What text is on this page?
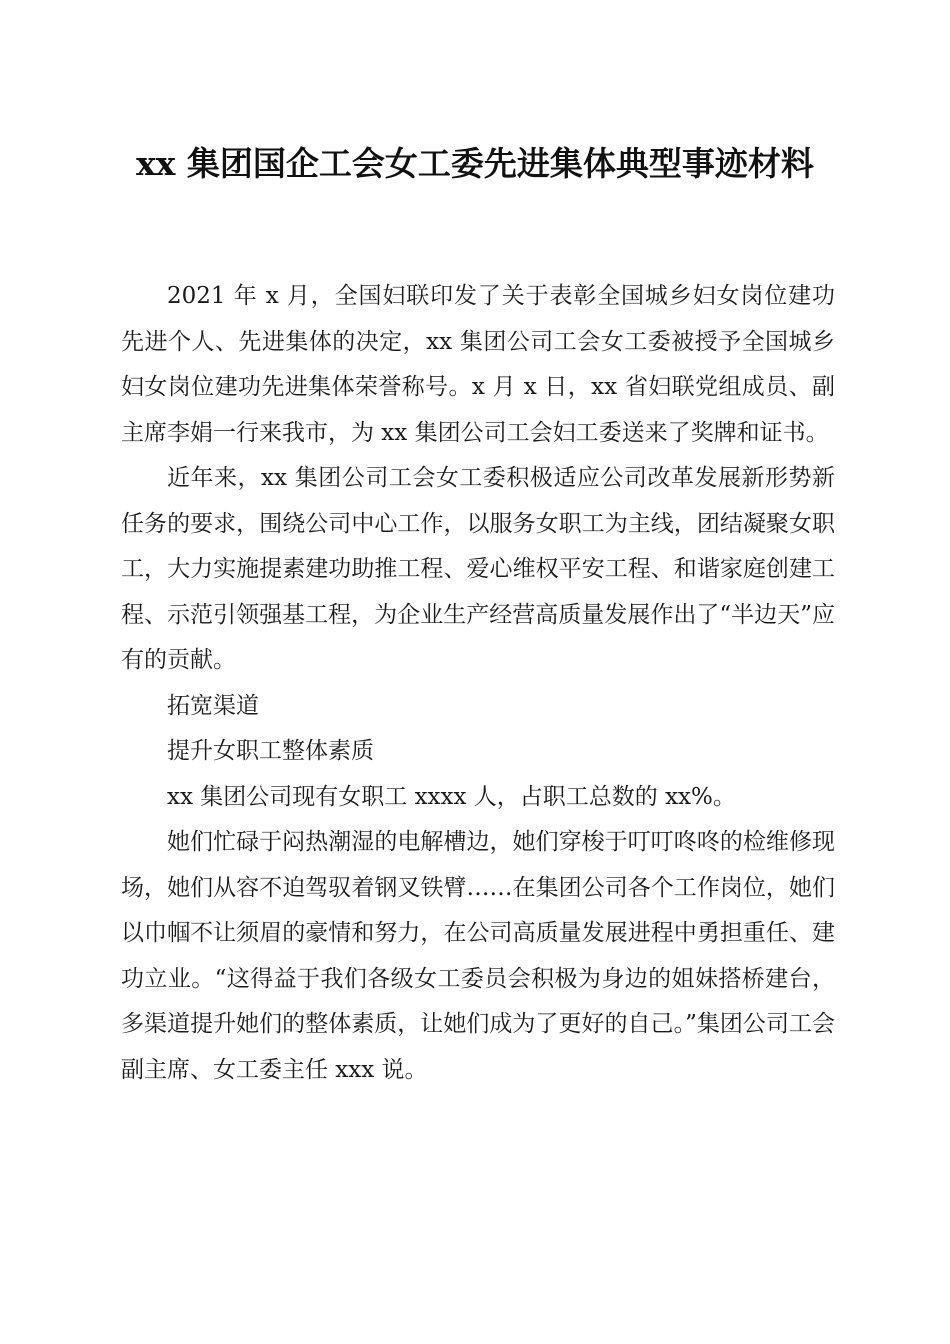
xx 集团国企工会女工委先进集体典型事迹材料

2021 年 x 月，全国妇联印发了关于表彰全国城乡妇女岗位建功先进个人、先进集体的决定，xx 集团公司工会女工委被授予全国城乡妇女岗位建功先进集体荣誉称号。x 月 x 日，xx 省妇联党组成员、副主席李娟一行来我市，为 xx 集团公司工会妇工委送来了奖牌和证书。

近年来，xx 集团公司工会女工委积极适应公司改革发展新形势新任务的要求，围绕公司中心工作，以服务女职工为主线，团结凝聚女职工，大力实施提素建功助推工程、爱心维权平安工程、和谐家庭创建工程、示范引领强基工程，为企业生产经营高质量发展作出了“半边天”应有的贡献。

拓宽渠道

提升女职工整体素质

xx 集团公司现有女职工 xxxx 人，占职工总数的 xx%。

她们忙碌于闷热潮湿的电解槽边，她们穿梭于叮叮咚咚的检维修现场，她们从容不迫驾驭着钢叉铁臂……在集团公司各个工作岗位，她们以巾帼不让须眉的豪情和努力，在公司高质量发展进程中勇担重任、建功立业。“这得益于我们各级女工委员会积极为身边的姐妹搭桥建台，多渠道提升她们的整体素质，让她们成为了更好的自己。”集团公司工会副主席、女工委主任 xxx 说。
